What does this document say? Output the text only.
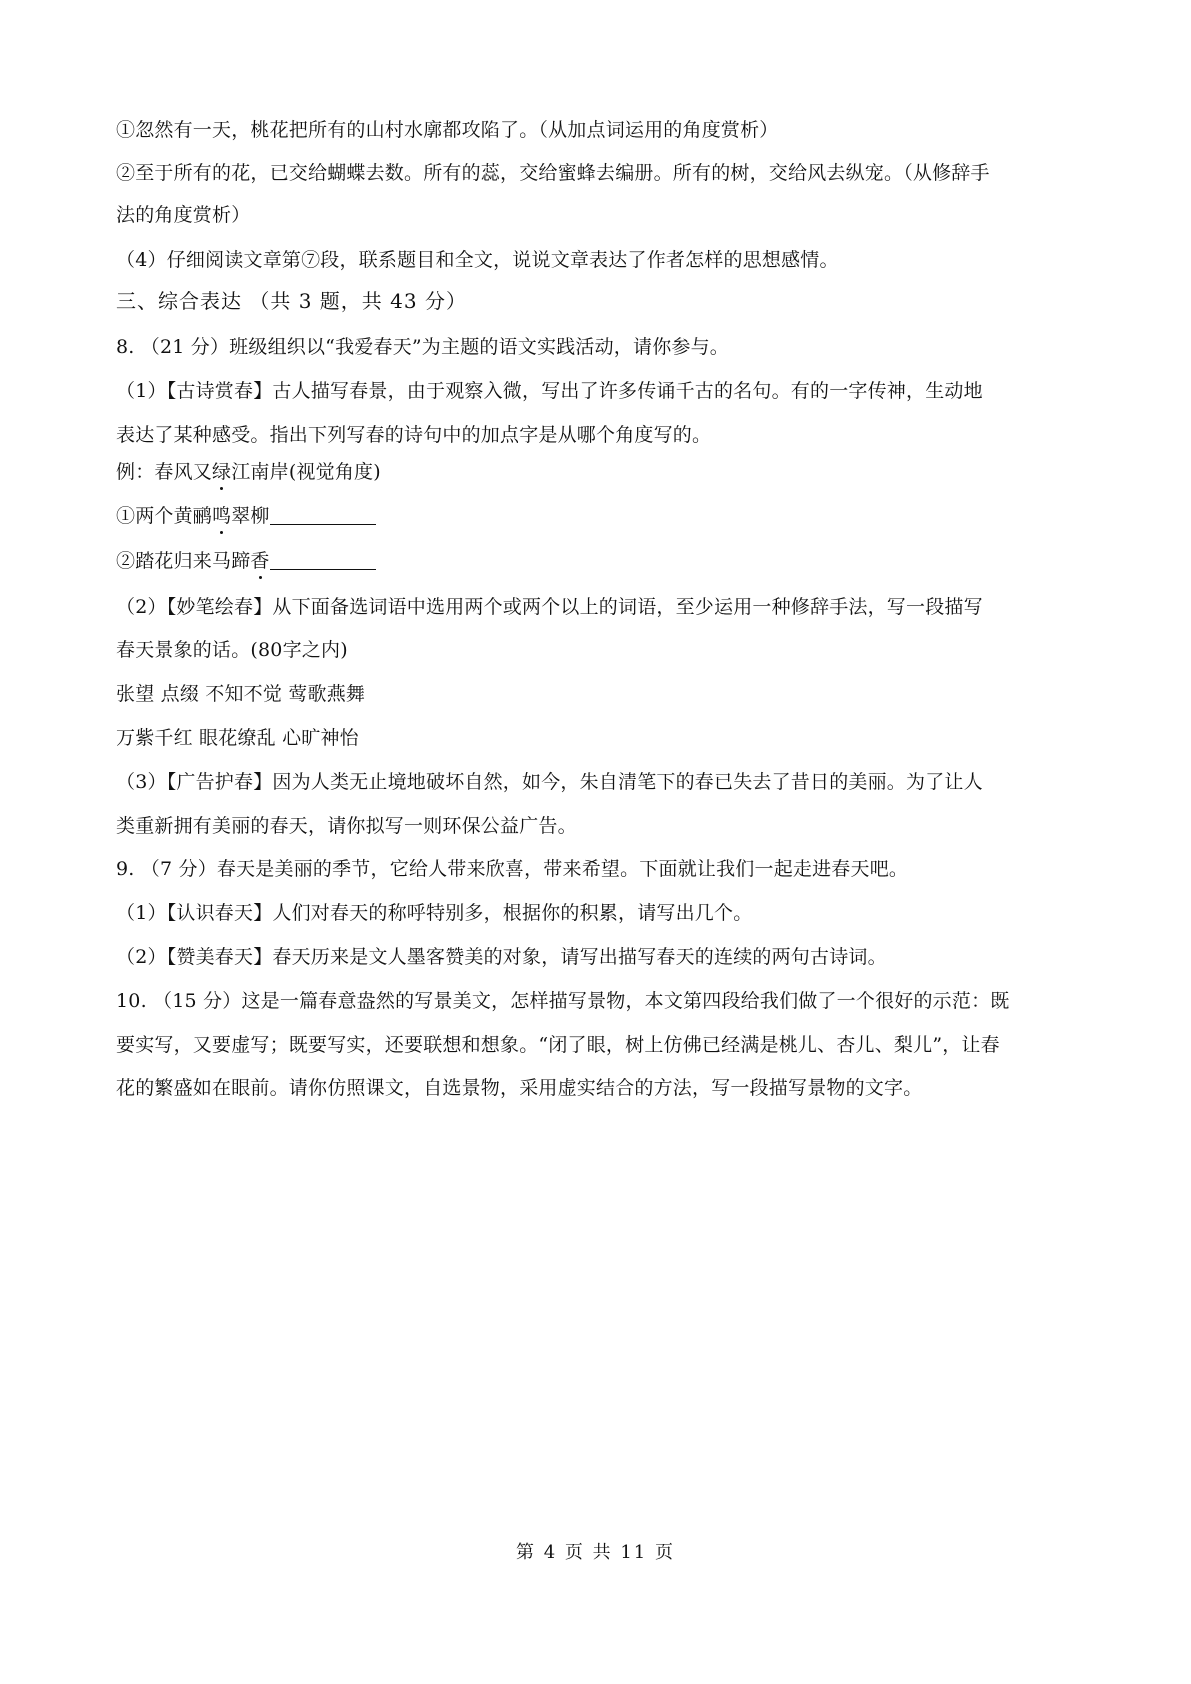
①忽然有一天，桃花把所有的山村水廓都攻陷了。（从加点词运用的角度赏析）
②至于所有的花，已交给蝴蝶去数。所有的蕊，交给蜜蜂去编册。所有的树，交给风去纵宠。（从修辞手
法的角度赏析）
（4）仔细阅读文章第⑦段，联系题目和全文，说说文章表达了作者怎样的思想感情。
三、综合表达 （共 3 题，共 43 分）
8. （21 分）班级组织以“我爱春天”为主题的语文实践活动，请你参与。
（1）【古诗赏春】古人描写春景，由于观察入微，写出了许多传诵千古的名句。有的一字传神，生动地
表达了某种感受。指出下列写春的诗句中的加点字是从哪个角度写的。
例：春风又绿江南岸(视觉角度)
①两个黄鹂鸣翠柳
②踏花归来马蹄香
（2）【妙笔绘春】从下面备选词语中选用两个或两个以上的词语，至少运用一种修辞手法，写一段描写
春天景象的话。(80字之内)
张望 点缀 不知不觉 莺歌燕舞
万紫千红 眼花缭乱 心旷神怡
（3）【广告护春】因为人类无止境地破坏自然，如今，朱自清笔下的春已失去了昔日的美丽。为了让人
类重新拥有美丽的春天，请你拟写一则环保公益广告。
9. （7 分）春天是美丽的季节，它给人带来欣喜，带来希望。下面就让我们一起走进春天吧。
（1）【认识春天】人们对春天的称呼特别多，根据你的积累，请写出几个。
（2）【赞美春天】春天历来是文人墨客赞美的对象，请写出描写春天的连续的两句古诗词。
10. （15 分）这是一篇春意盎然的写景美文，怎样描写景物，本文第四段给我们做了一个很好的示范：既
要实写，又要虚写；既要写实，还要联想和想象。“闭了眼，树上仿佛已经满是桃儿、杏儿、梨儿”，让春
花的繁盛如在眼前。请你仿照课文，自选景物，采用虚实结合的方法，写一段描写景物的文字。
第 4 页 共 11 页
